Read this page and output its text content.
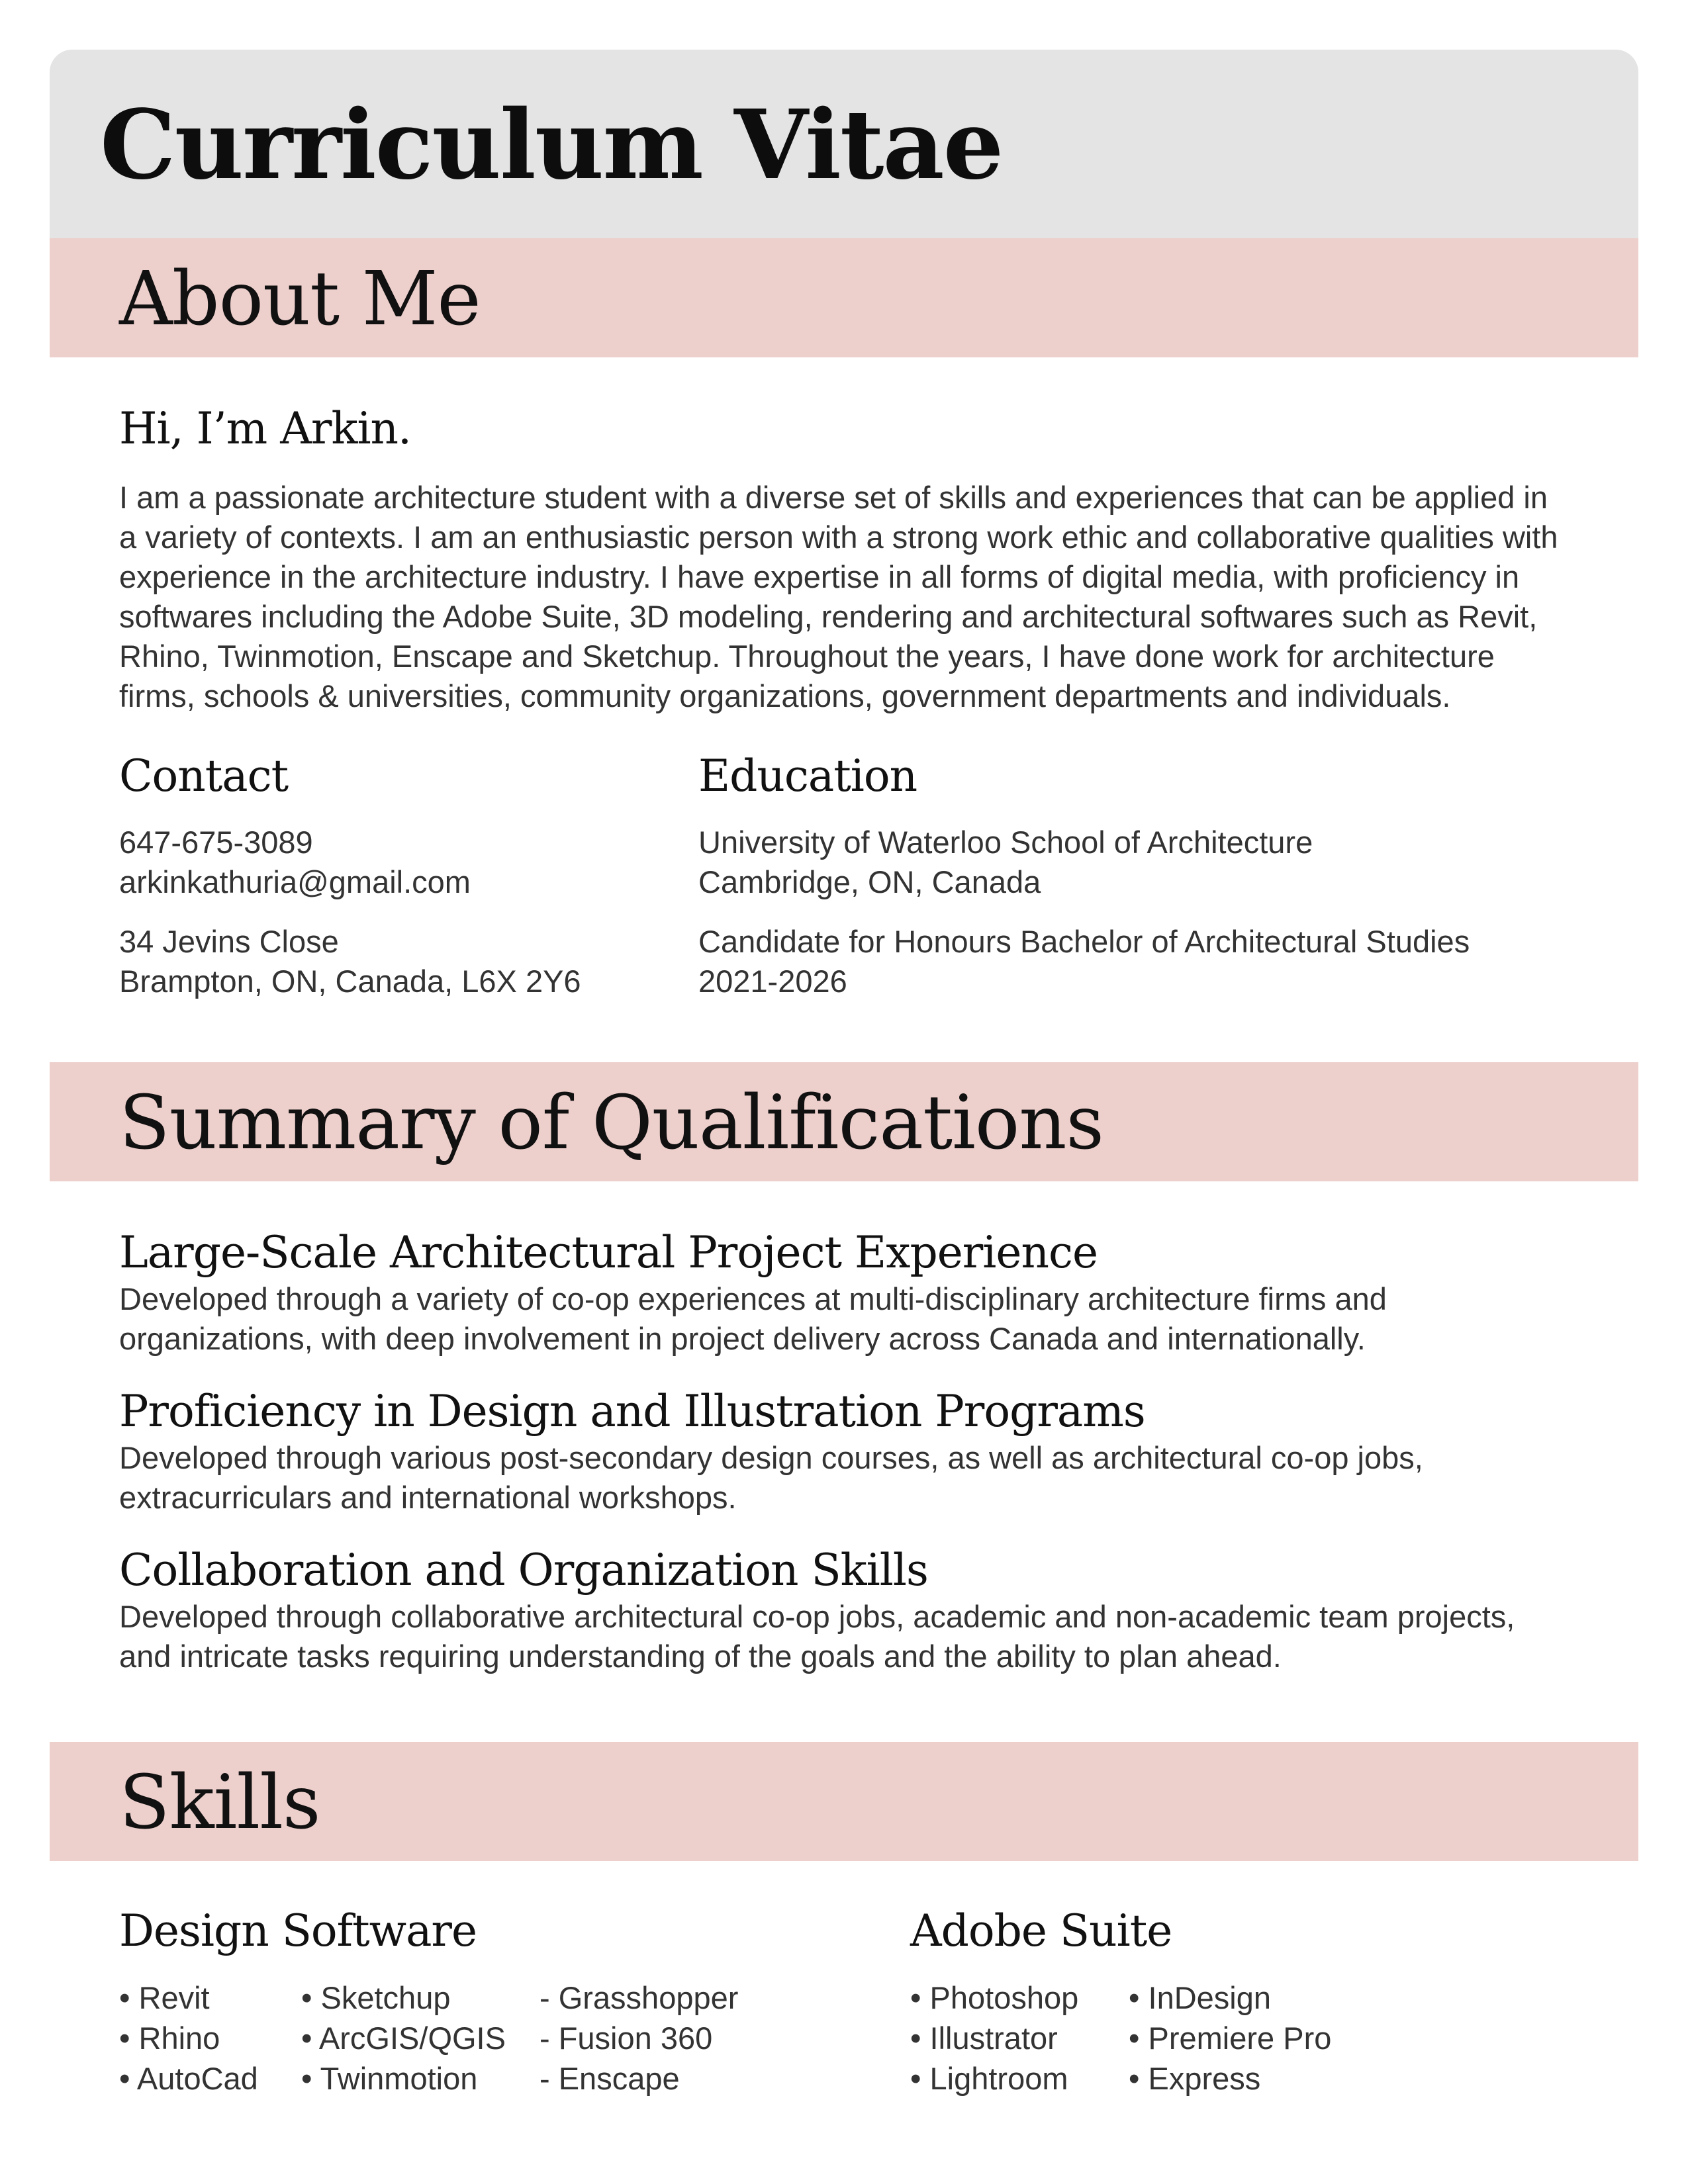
Curriculum Vitae
About Me
Hi, I’m Arkin.

I am a passionate architecture student with a diverse set of skills and experiences that can be applied in

a variety of contexts. I am an enthusiastic person with a strong work ethic and collaborative qualities with

experience in the architecture industry. I have expertise in all forms of digital media, with proficiency in

softwares including the Adobe Suite, 3D modeling, rendering and architectural softwares such as Revit,

Rhino, Twinmotion, Enscape and Sketchup. Throughout the years, I have done work for architecture

firms, schools & universities, community organizations, government departments and individuals.

Contact

647-675-3089

arkinkathuria@gmail.com

34 Jevins Close

Brampton, ON, Canada, L6X 2Y6

Education

University of Waterloo School of Architecture

Cambridge, ON, Canada

Candidate for Honours Bachelor of Architectural Studies

2021-2026

Summary of Qualifications
Large-Scale Architectural Project Experience

Developed through a variety of co-op experiences at multi-disciplinary architecture firms and

organizations, with deep involvement in project delivery across Canada and internationally.

Proficiency in Design and Illustration Programs

Developed through various post-secondary design courses, as well as architectural co-op jobs,

extracurriculars and international workshops.

Collaboration and Organization Skills

Developed through collaborative architectural co-op jobs, academic and non-academic team projects,

and intricate tasks requiring understanding of the goals and the ability to plan ahead.

Skills
Design Software
• Revit
• Rhino
• AutoCad
• Sketchup
• ArcGIS/QGIS
• Twinmotion
- Grasshopper
- Fusion 360
- Enscape
Adobe Suite
• Photoshop
• Illustrator
• Lightroom
• InDesign
• Premiere Pro
• Express
